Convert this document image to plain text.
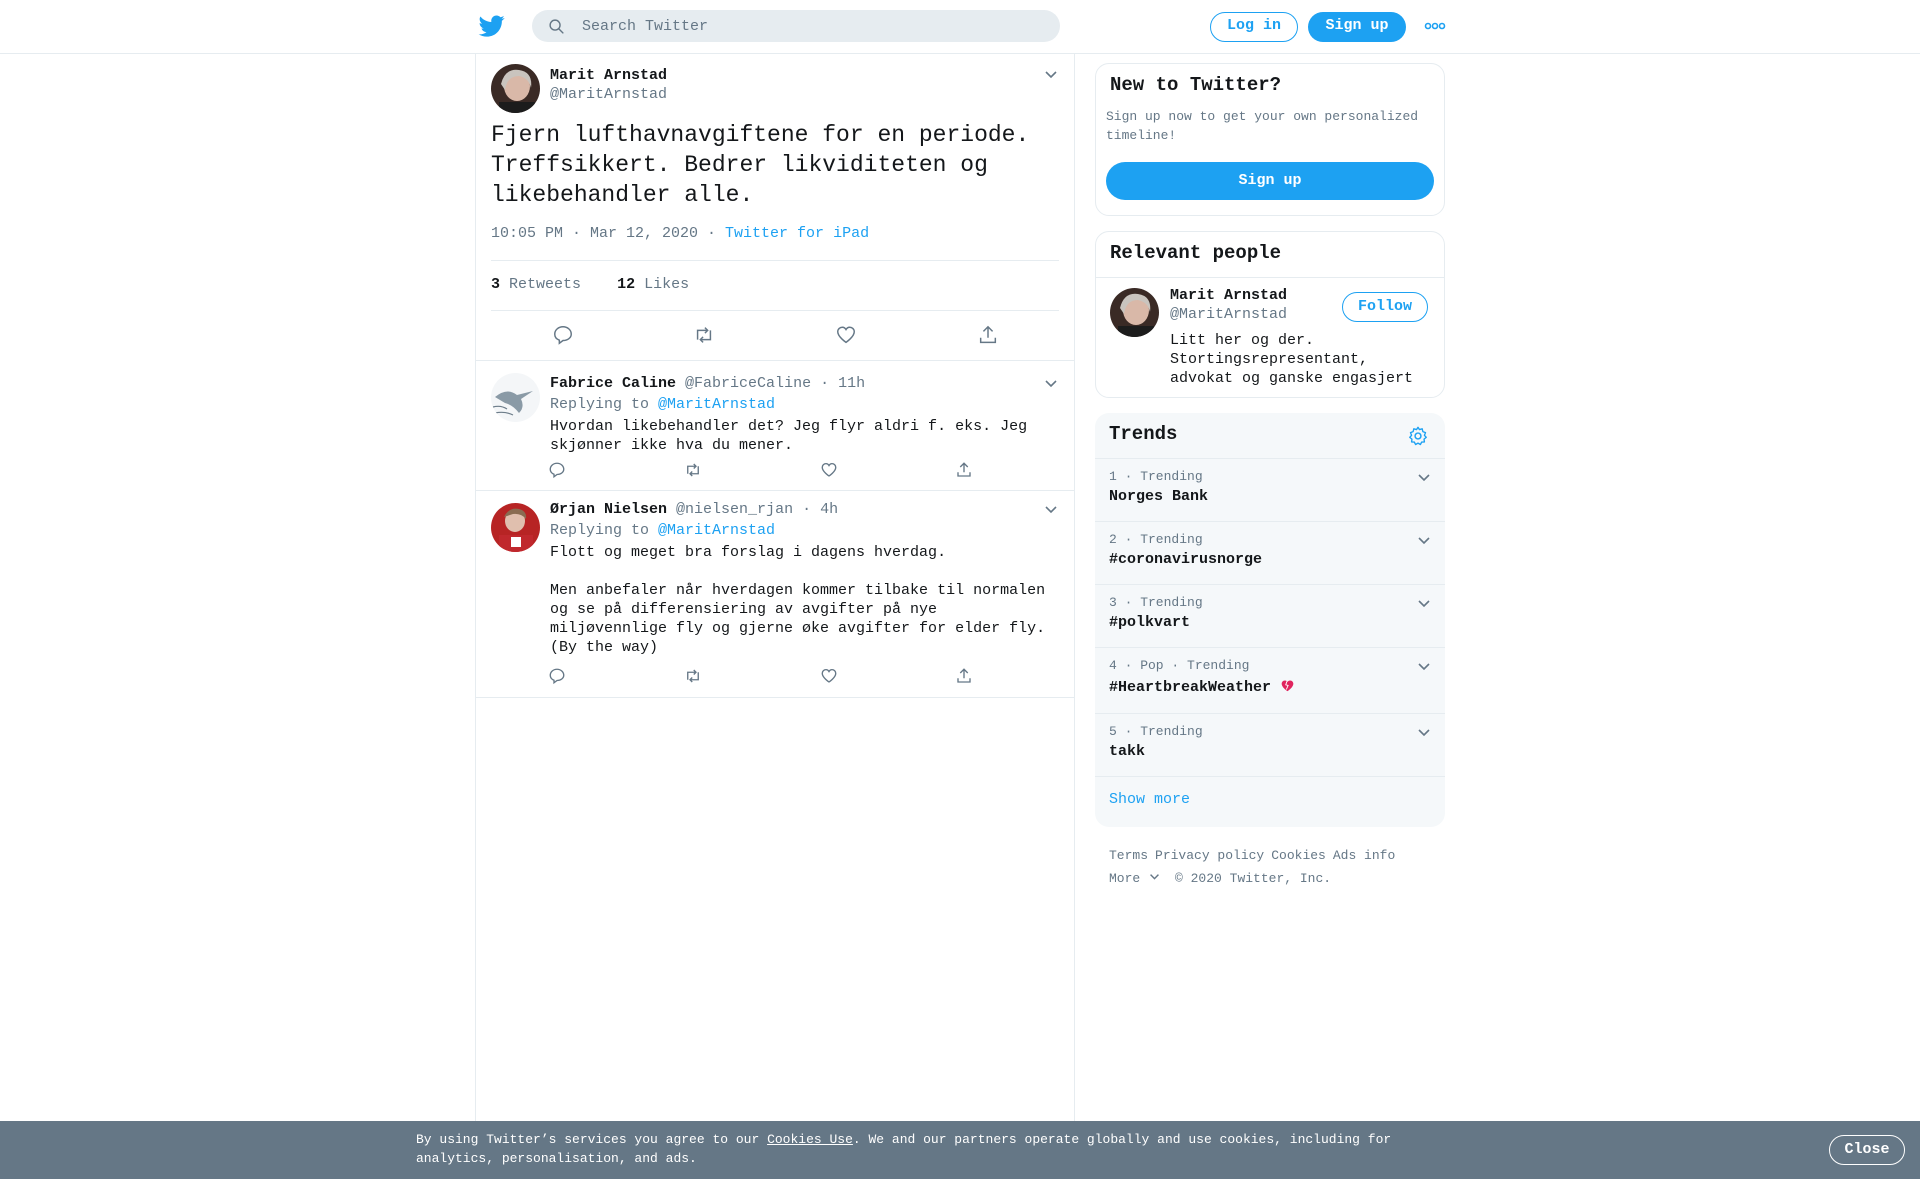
Search Twitter
Log in	Sign up
Marit Arnstad
@MaritArnstad
Fjern lufthavnavgiftene for en periode.
Treffsikkert. Bedrer likviditeten og
likebehandler alle.
10:05 PM · Mar 12, 2020 · Twitter for iPad
3 Retweets 12 Likes
Fabrice Caline @FabriceCaline · 11h
Replying to @MaritArnstad
Hvordan likebehandler det? Jeg flyr aldri f. eks. Jeg skjønner ikke hva du mener.
Ørjan Nielsen @nielsen_rjan · 4h
Replying to @MaritArnstad
Flott og meget bra forslag i dagens hverdag.
Men anbefaler når hverdagen kommer tilbake til normalen og se på differensiering av avgifter på nye miljøvennlige fly og gjerne øke avgifter for elder fly. (By the way)
New to Twitter?
Sign up now to get your own personalized timeline!
Sign up
Relevant people
Marit Arnstad
@MaritArnstad	Follow
Litt her og der. Stortingsrepresentant, advokat og ganske engasjert
Trends
1 · Trending
Norges Bank
2 · Trending
#coronavirusnorge
3 · Trending
#polkvart
4 · Pop · Trending
#HeartbreakWeather
5 · Trending
takk
Show more
Terms Privacy policy Cookies Ads info
More	© 2020 Twitter, Inc.
By using Twitter’s services you agree to our Cookies Use. We and our partners operate globally and use cookies, including for analytics, personalisation, and ads.
Close
